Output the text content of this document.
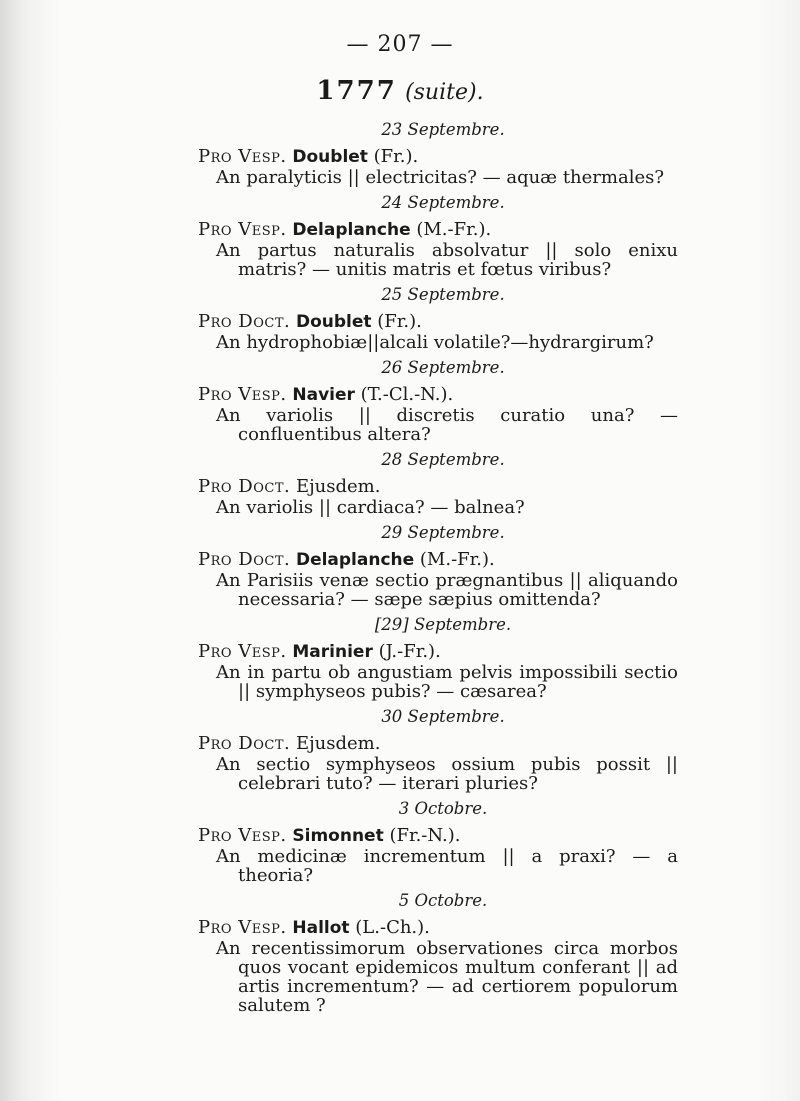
— 207 —
1777 (suite).
23 Septembre.
Pro Vesp. Doublet (Fr.).
An paralyticis || electricitas? — aquæ thermales?
24 Septembre.
Pro Vesp. Delaplanche (M.-Fr.).
An partus naturalis absolvatur || solo enixu matris? — unitis matris et fœtus viribus?
25 Septembre.
Pro Doct. Doublet (Fr.).
An hydrophobiæ||alcali volatile?—hydrargirum?
26 Septembre.
Pro Vesp. Navier (T.-Cl.-N.).
An variolis || discretis curatio una? — confluentibus altera?
28 Septembre.
Pro Doct. Ejusdem.
An variolis || cardiaca? — balnea?
29 Septembre.
Pro Doct. Delaplanche (M.-Fr.).
An Parisiis venæ sectio prægnantibus || aliquando necessaria? — sæpe sæpius omittenda?
[29] Septembre.
Pro Vesp. Marinier (J.-Fr.).
An in partu ob angustiam pelvis impossibili sectio || symphyseos pubis? — cæsarea?
30 Septembre.
Pro Doct. Ejusdem.
An sectio symphyseos ossium pubis possit || celebrari tuto? — iterari pluries?
3 Octobre.
Pro Vesp. Simonnet (Fr.-N.).
An medicinæ incrementum || a praxi? — a theoria?
5 Octobre.
Pro Vesp. Hallot (L.-Ch.).
An recentissimorum observationes circa morbos quos vocant epidemicos multum conferant || ad artis incrementum? — ad certiorem populorum salutem ?
